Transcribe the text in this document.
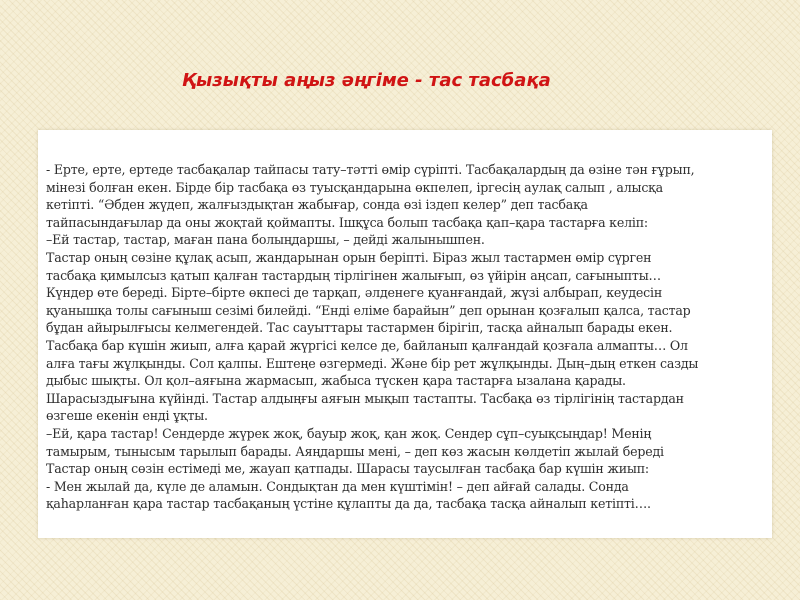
Қызықты аңыз әңгіме - тас тасбақа

- Ерте, ерте, ертеде тасбақалар тайпасы тату–тәтті өмір сүріпті. Тасбақалардың да өзіне тән ғұрып,
мінезі болған екен. Бірде бір тасбақа өз туысқандарына өкпелеп, іргесің аулақ салып , алысқа
кетіпті. “Әбден жүдеп, жалғыздықтан жабығар, сонда өзі іздеп келер” деп тасбақа
тайпасындағылар да оны жоқтай қоймапты. Ішқұса болып тасбақа қап–қара тастарға келіп:
–Ей тастар, тастар, маған пана болыңдаршы, – дейді жалынышпен.
Тастар оның сөзіне құлақ асып, жандарынан орын беріпті. Біраз жыл тастармен өмір сүрген
тасбақа қимылсыз қатып қалған тастардың тірлігінен жалығып, өз үйірін аңсап, сағыныпты…
Күндер өте береді. Бірте–бірте өкпесі де тарқап, әлденеге қуанғандай, жүзі албырап, кеудесін
қуанышқа толы сағыныш сезімі билейді. “Енді еліме барайын” деп орынан қозғалып қалса, тастар
бұдан айырылғысы келмегендей. Тас сауыттары тастармен бірігіп, тасқа айналып барады екен.
Тасбақа бар күшін жиып, алға қарай жүргісі келсе де, байланып қалғандай қозғала алмапты… Ол
алға тағы жұлқынды. Сол қалпы. Ештеңе өзгермеді. Және бір рет жұлқынды. Дың–дың еткен сазды
дыбыс шықты. Ол қол–аяғына жармасып, жабыса түскен қара тастарға ызалана қарады.
Шарасыздығына күйінді. Тастар алдыңғы аяғын мықып тастапты. Тасбақа өз тірлігінің тастардан
өзгеше екенін енді ұқты.
–Ей, қара тастар! Сендерде жүрек жоқ, бауыр жоқ, қан жоқ. Сендер сұп–суықсыңдар! Менің
тамырым, тынысым тарылып барады. Аяңдаршы мені, – деп көз жасын көлдетіп жылай береді
Тастар оның сөзін естімеді ме, жауап қатпады. Шарасы таусылған тасбақа бар күшін жиып:
- Мен жылай да, күле де аламын. Сондықтан да мен күштімін! – деп айғай салады. Сонда
қаһарланған қара тастар тасбақаның үстіне құлапты да да, тасбақа тасқа айналып кетіпті….
